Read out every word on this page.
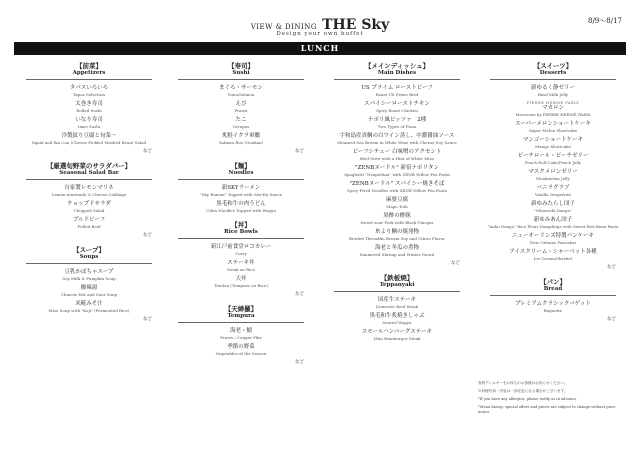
VIEW & DINING THE Sky
Design your own buffet
8/9～8/17
LUNCH
【前菜】
Appetizers
タパスいろいろ
Tapas Selection
太巻き寿司
Rolled Sushi
いなり寿司
Inari Sushi
冷製紋り豆腐と旬菜～
Squid and Ika Con (Cheese Pickled Mashed Bean) Salad
など
【厳選旬野菜のサラダバー】
Seasonal Salad Bar
自家製レモンマリネ
Lemon marinade & Cheese Cabbage
チョップドサラダ
Chopped Salad
プルドビーフ
Pulled Beef
など
【スープ】
Soups
豆乳かぼちゃスープ
Soy Milk & Pumpkin Soup
酸辣湯
Chinese Hot and Sour Soup
米糀みそ汁
Miso Soup with "Koji" (Fermented Rice)
など
【寿司】
Sushi
まぐろ・サーモン
Tuna/Salmon
えび
Prawn
たこ
Octopus
炙鮭イクラ軍艦
Salmon Roe (Gunkan)
など
【麺】
Noodles
新SKYラーメン
"Sky Ramen" Topped with Stir-fry Sauce
黒毛和牛の肉うどん
Udon Noodles Topped with Wagyu
【丼】
Rice Bowls
新江戸前食堂ロコカレー
Curry
ステーキ丼
Steak on Rice
天丼
Tendon (Tempura on Rice)
など
【天婦羅】
Tempura
海老・鱚
Prawn / Conger Pike
季節の野菜
Vegetables of the Season
など
【メインディッシュ】
Main Dishes
US プライム ローストビーフ
Roast US Prime Beef
スパイシーローストチキン
Spicy Roast Chicken
ナポリ風ピッツァ　2種
Two Types of Pizza
宇和島産真鯛の白ワイン蒸し、中濃醤油ソース
Steamed Sea Bream in White Wine with Cheese Soy Sauce
ビーフシチュー 白味噌のアクセント
Beef Stew with a Hint of White Miso
"ZENBヌードル" 新宿ナポリタン
Spaghetti "Neapolitan" with ZENB Yellow Pea Pasta
"ZENBヌードル" スパイシー焼きそば
Spicy Fried Noodles with ZENB Yellow Pea Pasta
麻婆豆腐
Mapo Tofu
黒酢の酢豚
Sweet sour Pork with Black Vinegar
糸より鯛の焼発物
Broiled Threadfin Bream Soy and Citrus Flavor
海老と冬瓜の煮物
Simmered Shrimp and Winter Gourd
など
【鉄板焼】
Teppanyaki
国産牛ステーキ
Domestic Beef Steak
黒毛和牛炙焼きしゃぶ
Seared Wagyu
スモールハンバーグステーキ
Mini Hamburger Steak
【スイーツ】
Desserts
新ゆるく静ゼリー
Basil Milk Jelly
PIERRE HERMÉ PARIS
マカロン
Macarons by PIERRE HERMÉ PARIS
スーパーメロンショートケーキ
Super Melon Shortcake
マンゴーショートケーキ
Mango Shortcake
ピーチロール・ピーチゼリー
Peach Roll Cake/Peach Jelly
マスクメロンゼリー
Muskmelon Jelly
バニラグラブ
Vanilla Grapefruit
新ゆみたらし団子
"Mitarashi Dango"
新ゆみあん団子
"Anko Dango" Rice Flour Dumplings with Sweet Red Bean Paste
ニューオーリンズ特製パンケーキ
New Orleans Pancakes
アイスクリーム・シャーベット各種
Ice Cream/Sherbet
など
【パン】
Bread
プレミアムクラシックバゲット
Baguette
など
食物アレルギーをお持ちのお客様はお知らせください。
※料理写真・内容は一部変更になる場合がございます。
*If you have any allergies, please notify us in advance.
*Menu lineup, special offers and prices are subject to change without prior notice.
